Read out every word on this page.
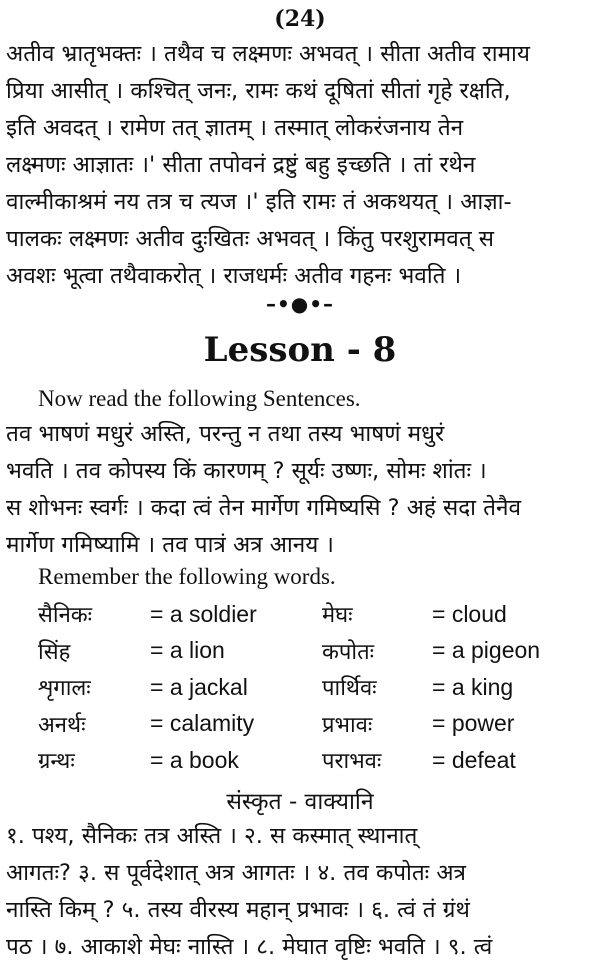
(24)
अतीव भ्रातृभक्तः । तथैव च लक्ष्मणः अभवत् । सीता अतीव रामाय
प्रिया आसीत् । कश्चित् जनः, रामः कथं दूषितां सीतां गृहे रक्षति,
इति अवदत् । रामेण तत् ज्ञातम् । तस्मात् लोकरंजनाय तेन
लक्ष्मणः आज्ञातः ।' सीता तपोवनं द्रष्टुं बहु इच्छति । तां रथेन
वाल्मीकाश्रमं नय तत्र च त्यज ।' इति रामः तं अकथयत् । आज्ञा-
पालकः लक्ष्मणः अतीव दुःखितः अभवत् । किंतु परशुरामवत् स
अवशः भूत्वा तथैवाकरोत् । राजधर्मः अतीव गहनः भवति ।
–•●•–
Lesson - 8
Now read the following Sentences.
तव भाषणं मधुरं अस्ति, परन्तु न तथा तस्य भाषणं मधुरं
भवति । तव कोपस्य किं कारणम् ? सूर्यः उष्णः, सोमः शांतः ।
स शोभनः स्वर्गः । कदा त्वं तेन मार्गेण गमिष्यसि ? अहं सदा तेनैव
मार्गेण गमिष्यामि । तव पात्रं अत्र आनय ।
Remember the following words.
सैनिकः	= a soldier	मेघः	= cloud
सिंह	= a lion	कपोतः	= a pigeon
शृगालः	= a jackal	पार्थिवः	= a king
अनर्थः	= calamity	प्रभावः	= power
ग्रन्थः	= a book	पराभवः	= defeat
संस्कृत - वाक्यानि
१. पश्य, सैनिकः तत्र अस्ति । २. स कस्मात् स्थानात्
आगतः? ३. स पूर्वदेशात् अत्र आगतः । ४. तव कपोतः अत्र
नास्ति किम् ? ५. तस्य वीरस्य महान् प्रभावः । ६. त्वं तं ग्रंथं
पठ । ७. आकाशे मेघः नास्ति । ८. मेघात वृष्टिः भवति । ९. त्वं
